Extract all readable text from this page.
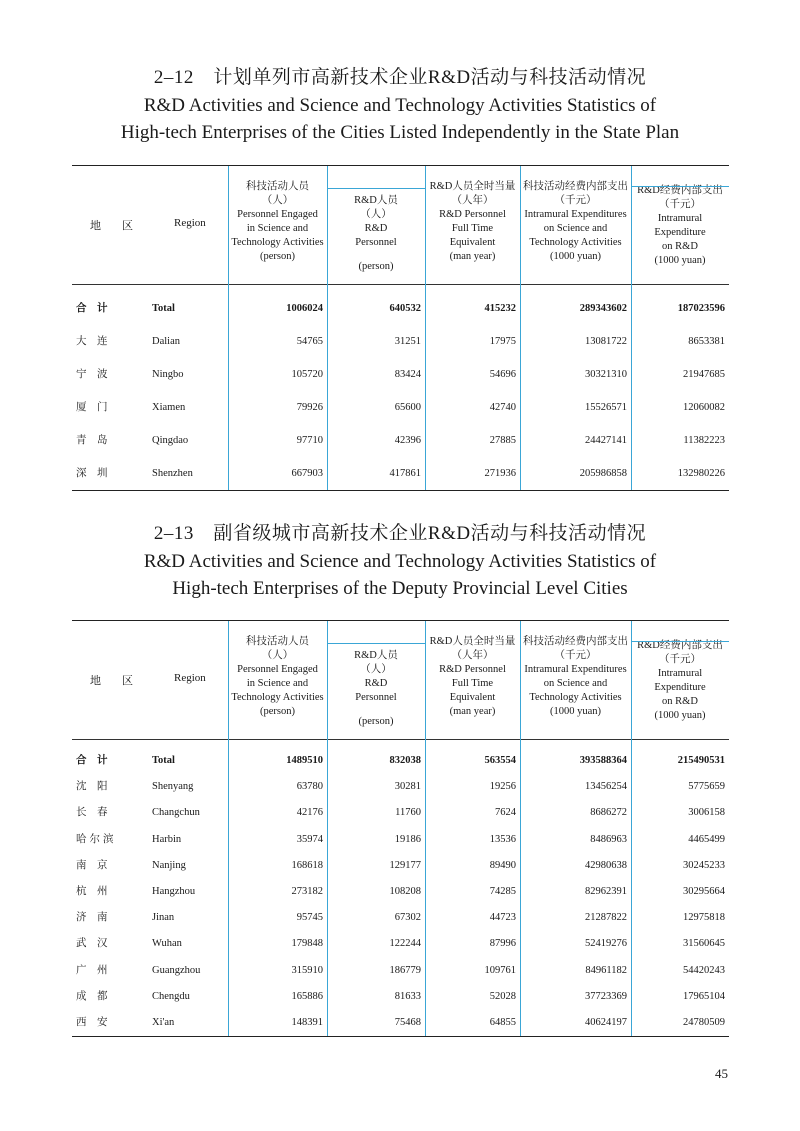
2–12　计划单列市高新技术企业R&D活动与科技活动情况
R&D Activities and Science and Technology Activities Statistics of
High-tech Enterprises of the Cities Listed Independently in the State Plan
地 区	Region
科技活动人员
（人）
Personnel Engaged
in Science and
Technology Activities
(person)
R&D人员
（人）
R&D
Personnel
(person)
R&D人员全时当量
（人年）
R&D Personnel
Full Time
Equivalent
(man year)
科技活动经费内部支出
（千元）
Intramural Expenditures
on Science and
Technology Activities
(1000 yuan)
R&D经费内部支出
（千元）
Intramural
Expenditure
on R&D
(1000 yuan)
合　计	Total	1006024	640532	415232	289343602	187023596
大　连	Dalian	54765	31251	17975	13081722	8653381
宁　波	Ningbo	105720	83424	54696	30321310	21947685
厦　门	Xiamen	79926	65600	42740	15526571	12060082
青　岛	Qingdao	97710	42396	27885	24427141	11382223
深　圳	Shenzhen	667903	417861	271936	205986858	132980226
2–13　副省级城市高新技术企业R&D活动与科技活动情况
R&D Activities and Science and Technology Activities Statistics of
High-tech Enterprises of the Deputy Provincial Level Cities
地 区	Region
科技活动人员
（人）
Personnel Engaged
in Science and
Technology Activities
(person)
R&D人员
（人）
R&D
Personnel
(person)
R&D人员全时当量
（人年）
R&D Personnel
Full Time
Equivalent
(man year)
科技活动经费内部支出
（千元）
Intramural Expenditures
on Science and
Technology Activities
(1000 yuan)
R&D经费内部支出
（千元）
Intramural
Expenditure
on R&D
(1000 yuan)
合　计	Total	1489510	832038	563554	393588364	215490531
沈　阳	Shenyang	63780	30281	19256	13456254	5775659
长　春	Changchun	42176	11760	7624	8686272	3006158
哈尔滨	Harbin	35974	19186	13536	8486963	4465499
南　京	Nanjing	168618	129177	89490	42980638	30245233
杭　州	Hangzhou	273182	108208	74285	82962391	30295664
济　南	Jinan	95745	67302	44723	21287822	12975818
武　汉	Wuhan	179848	122244	87996	52419276	31560645
广　州	Guangzhou	315910	186779	109761	84961182	54420243
成　都	Chengdu	165886	81633	52028	37723369	17965104
西　安	Xi'an	148391	75468	64855	40624197	24780509
45
